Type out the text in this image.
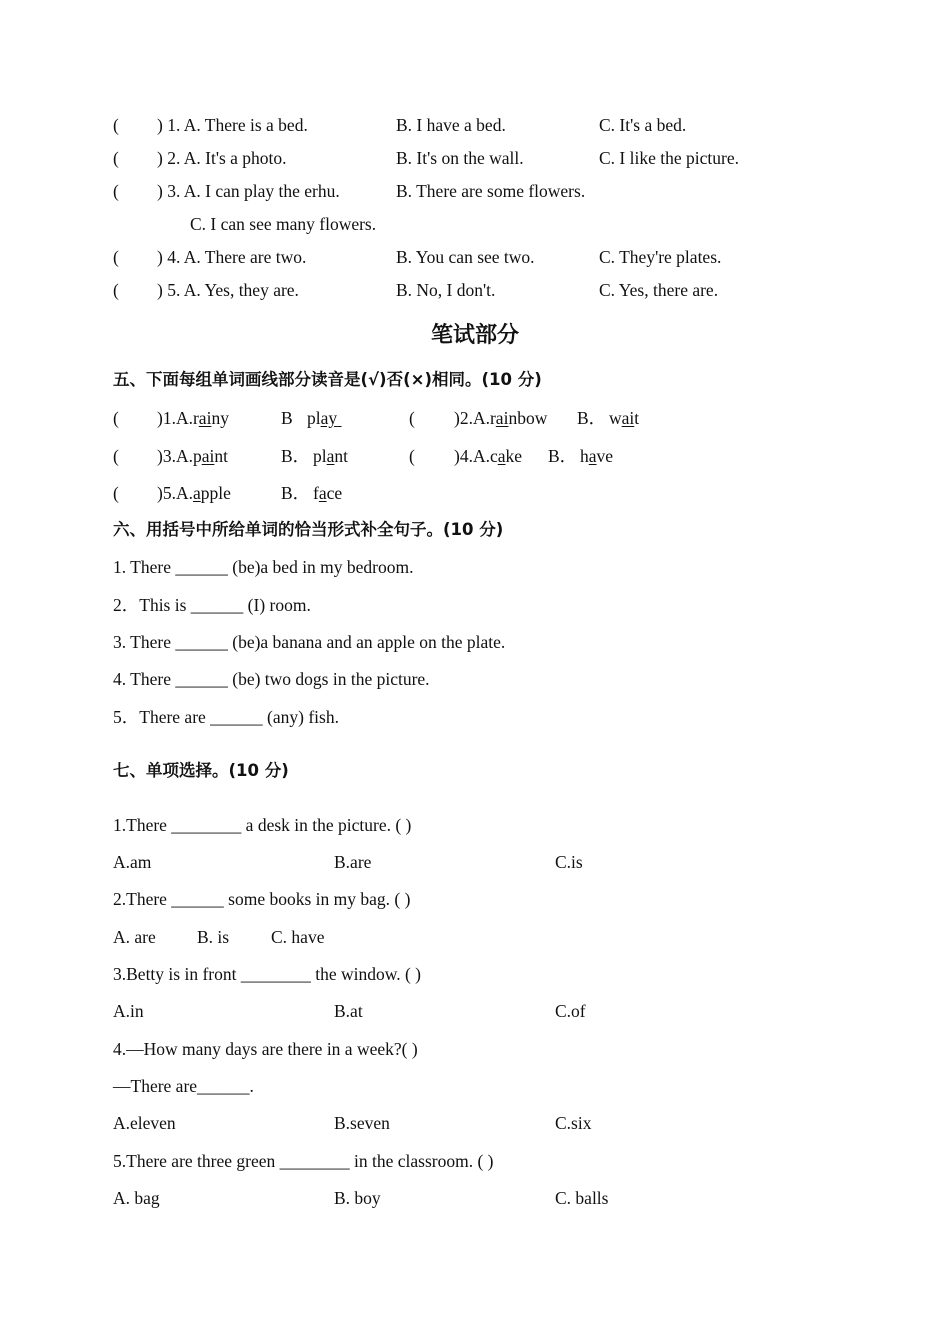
( ) 1. A. There is a bed.	B. I have a bed.	C. It's a bed.
( ) 2. A. It's a photo.	B. It's on the wall.	C. I like the picture.
( ) 3. A. I can play the erhu.	B. There are some flowers.
C. I can see many flowers.
( ) 4. A. There are two.	B. You can see two.	C. They're plates.
( ) 5. A. Yes, they are.	B. No, I don't.	C. Yes, there are.
笔试部分
五、下面每组单词画线部分读音是(√)否(×)相同。(10 分)
( )1.A.rainy	B play	( )2.A.rainbow B． wait
( )3.A.paint	B． plant	( )4.A.cake B． have
( )5.A.apple	B． face
六、用括号中所给单词的恰当形式补全句子。(10 分)
1. There ______ (be)a bed in my bedroom.
2．This is ______ (I) room.
3. There ______ (be)a banana and an apple on the plate.
4. There ______ (be) two dogs in the picture.
5．There are ______ (any) fish.
七、单项选择。(10 分)
1.There ________ a desk in the picture. ( )
A.am	B.are	C.is
2.There ______ some books in my bag. ( )
A. are B. is C. have
3.Betty is in front ________ the window. ( )
A.in	B.at	C.of
4.—How many days are there in a week?( )
—There are______.
A.eleven	B.seven	C.six
5.There are three green ________ in the classroom. ( )
A. bag	B. boy	C. balls
